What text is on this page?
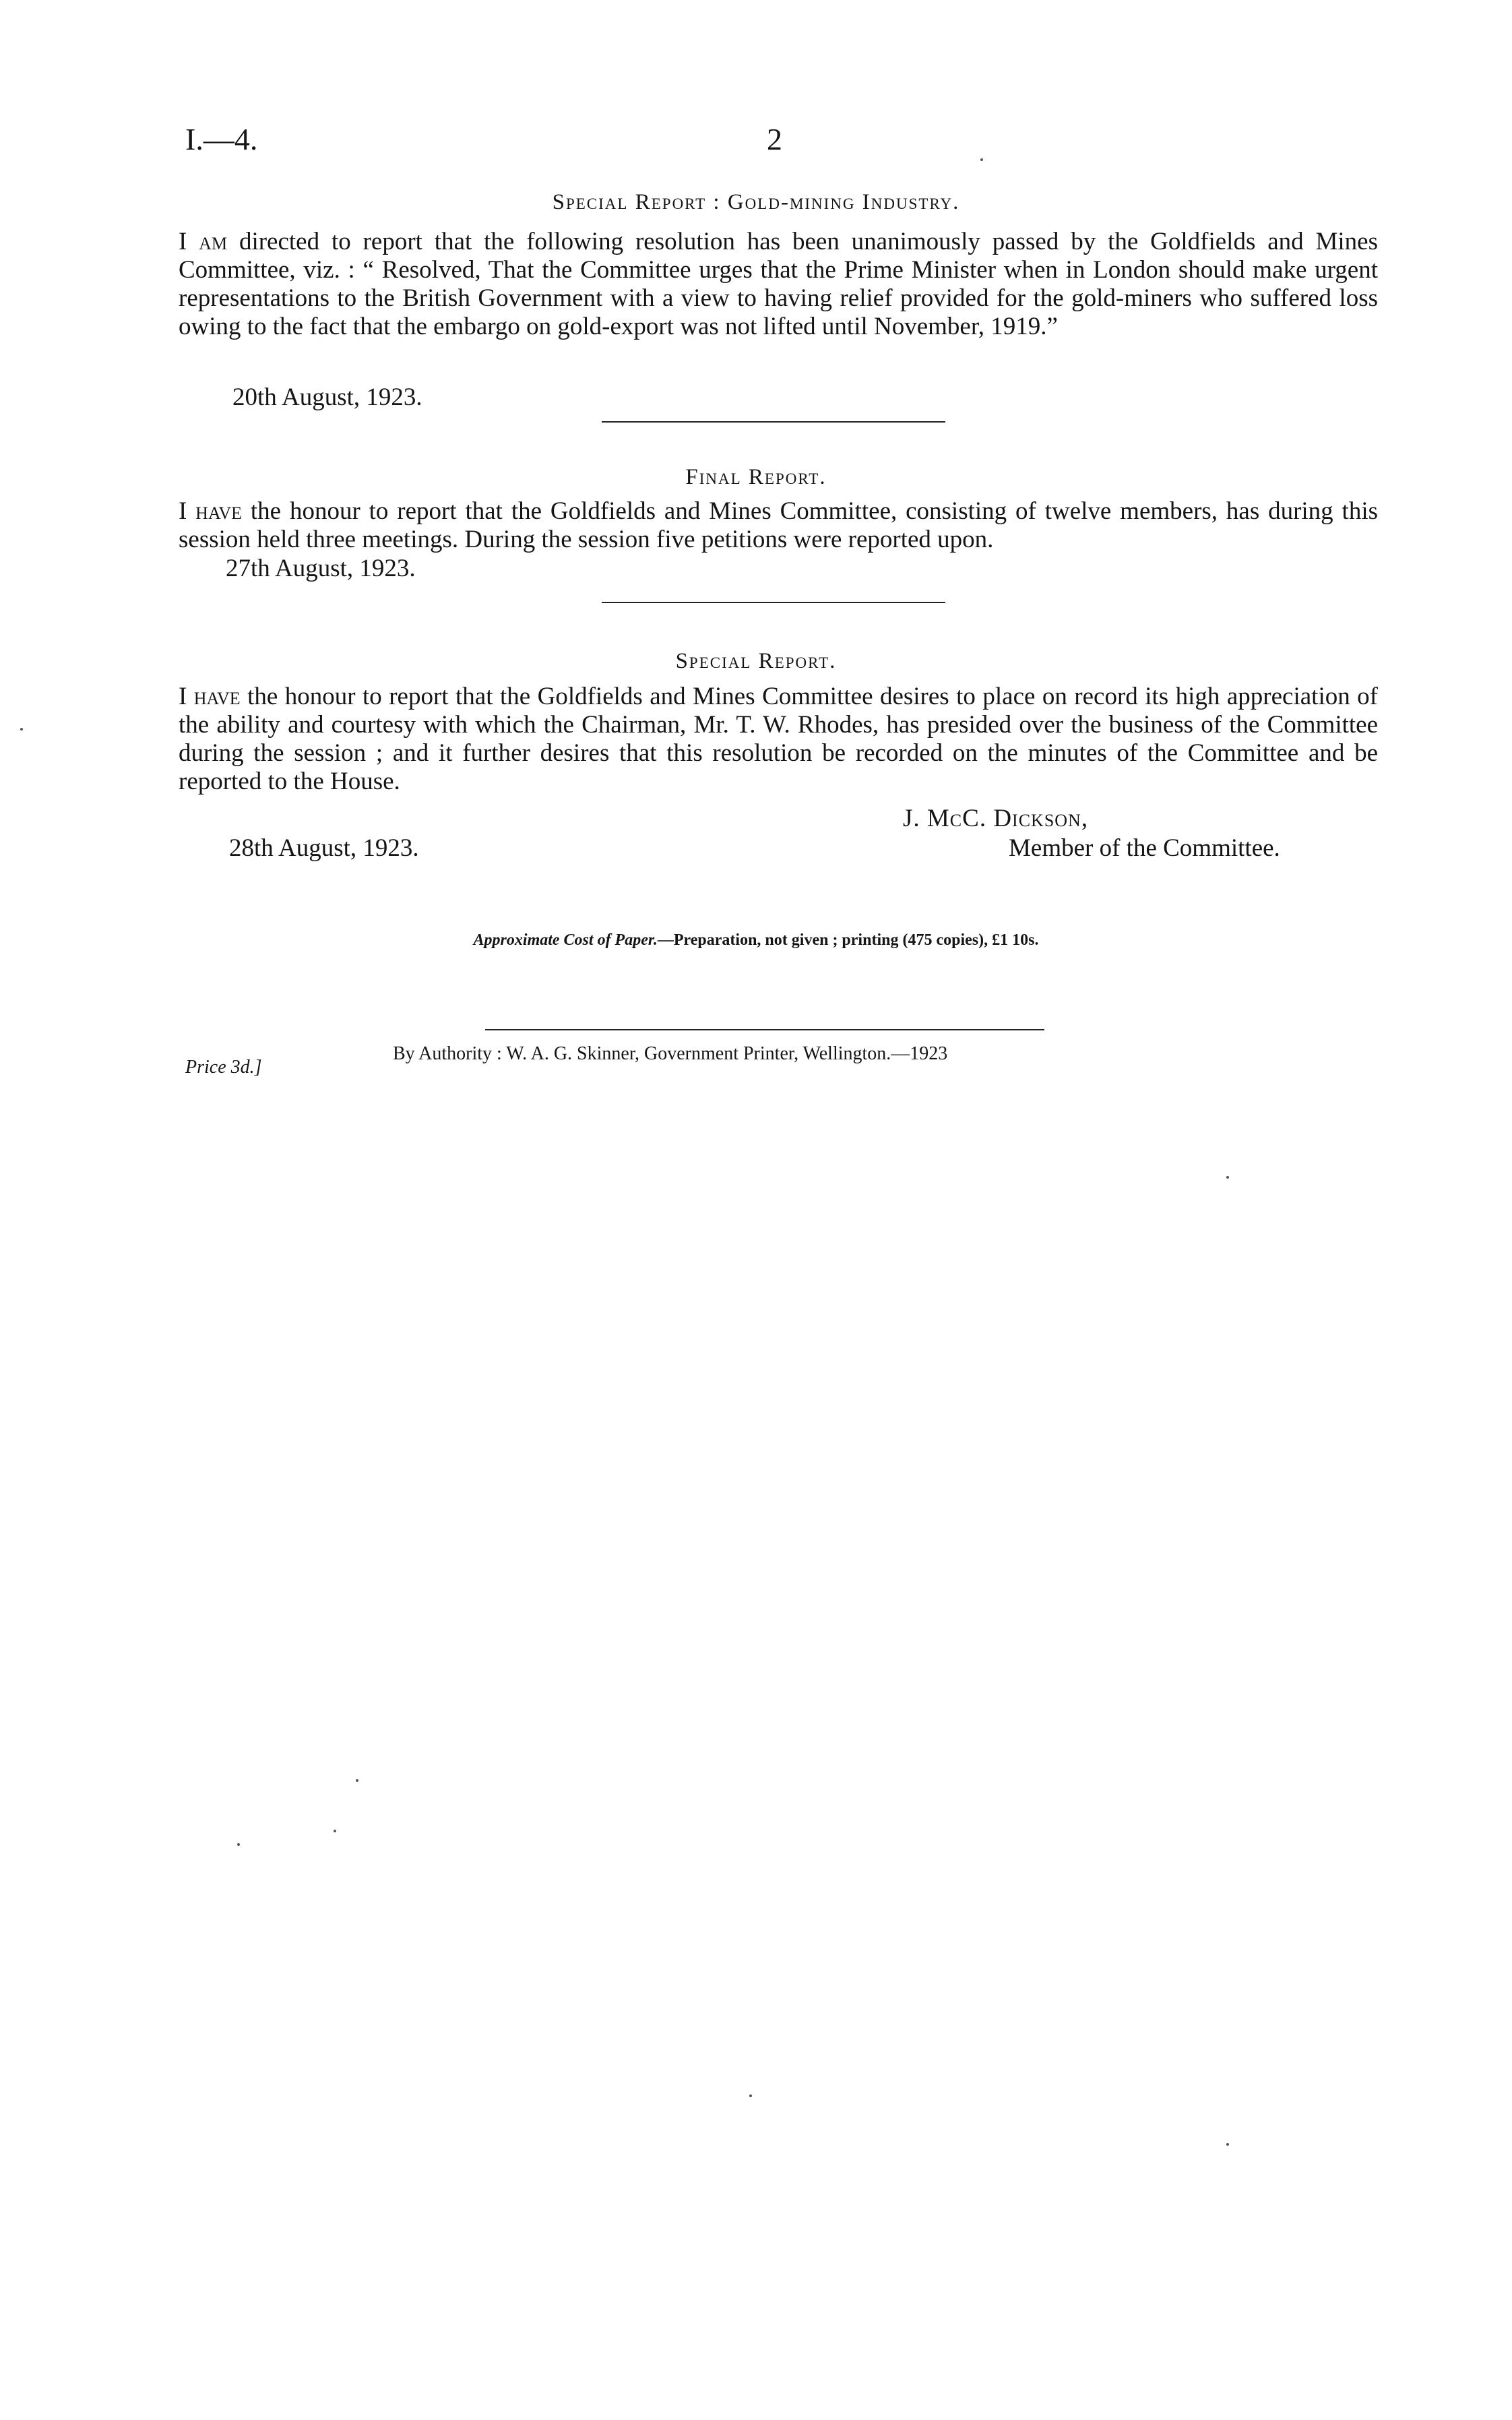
I.—4.	2
Special Report : Gold-mining Industry.
I am directed to report that the following resolution has been unanimously passed by the Goldfields and Mines Committee, viz. : “ Resolved, That the Committee urges that the Prime Minister when in London should make urgent representations to the British Government with a view to having relief provided for the gold-miners who suffered loss owing to the fact that the embargo on gold-export was not lifted until November, 1919.”
20th August, 1923.
Final Report.
I have the honour to report that the Goldfields and Mines Committee, consisting of twelve members, has during this session held three meetings. During the session five petitions were reported upon.
27th August, 1923.
Special Report.
I have the honour to report that the Goldfields and Mines Committee desires to place on record its high appreciation of the ability and courtesy with which the Chairman, Mr. T. W. Rhodes, has presided over the business of the Committee during the session ; and it further desires that this resolution be recorded on the minutes of the Committee and be reported to the House.
J. McC. Dickson,
28th August, 1923.	Member of the Committee.
Approximate Cost of Paper.—Preparation, not given ; printing (475 copies), £1 10s.
By Authority : W. A. G. Skinner, Government Printer, Wellington.—1923
Price 3d.]
